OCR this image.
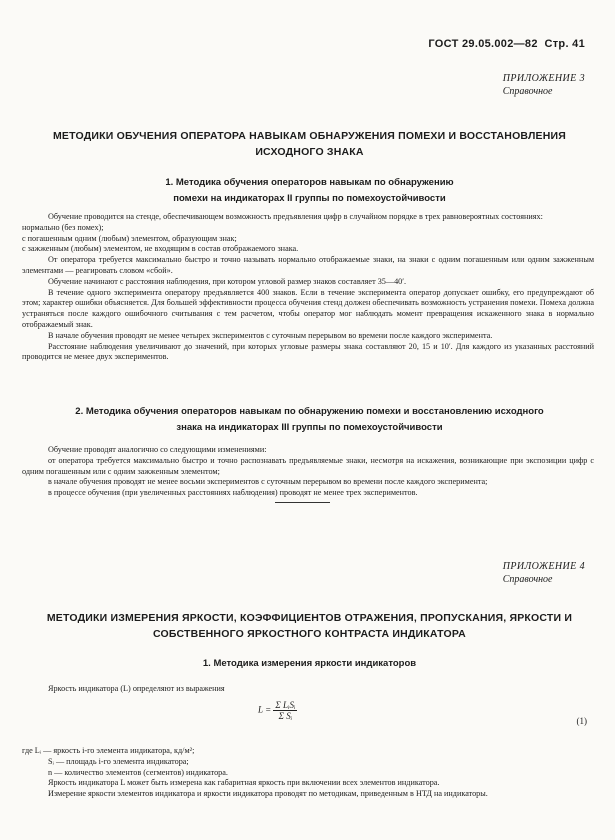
ГОСТ 29.05.002—82 Стр. 41
ПРИЛОЖЕНИЕ 3
Справочное
МЕТОДИКИ ОБУЧЕНИЯ ОПЕРАТОРА НАВЫКАМ ОБНАРУЖЕНИЯ ПОМЕХИ И ВОССТАНОВЛЕНИЯ
ИСХОДНОГО ЗНАКА
1. Методика обучения операторов навыкам по обнаружению
помехи на индикаторах II группы по помехоустойчивости

Обучение проводится на стенде, обеспечивающем возможность предъявления цифр в случайном порядке в трех равновероятных состояниях:

нормально (без помех);

с погашенным одним (любым) элементом, образующим знак;

с зажженным (любым) элементом, не входящим в состав отображаемого знака.

От оператора требуется максимально быстро и точно называть нормально отображаемые знаки, на знаки с одним погашенным или одним зажженным элементами — реагировать словом «сбой».

Обучение начинают с расстояния наблюдения, при котором угловой размер знаков составляет 35—40′.

В течение одного эксперимента оператору предъявляется 400 знаков. Если в течение эксперимента оператор допускает ошибку, его предупреждают об этом; характер ошибки объясняется. Для большей эффективности процесса обучения стенд должен обеспечивать возможность устранения помехи. Помеха должна устраняться после каждого ошибочного считывания с тем расчетом, чтобы оператор мог наблюдать момент превращения искаженного знака в нормально отображаемый знак.

В начале обучения проводят не менее четырех экспериментов с суточным перерывом во времени после каждого эксперимента.

Расстояние наблюдения увеличивают до значений, при которых угловые размеры знака составляют 20, 15 и 10′. Для каждого из указанных расстояний проводится не менее двух экспериментов.

2. Методика обучения операторов навыкам по обнаружению помехи и восстановлению исходного
знака на индикаторах III группы по помехоустойчивости

Обучение проводят аналогично со следующими изменениями:

от оператора требуется максимально быстро и точно распознавать предъявляемые знаки, несмотря на искажения, возникающие при экспозиции цифр с одним погашенным или с одним зажженным элементом;

в начале обучения проводят не менее восьми экспериментов с суточным перерывом во времени после каждого эксперимента;

в процессе обучения (при увеличенных расстояниях наблюдения) проводят не менее трех экспериментов.

ПРИЛОЖЕНИЕ 4
Справочное
МЕТОДИКИ ИЗМЕРЕНИЯ ЯРКОСТИ, КОЭФФИЦИЕНТОВ ОТРАЖЕНИЯ, ПРОПУСКАНИЯ, ЯРКОСТИ И
СОБСТВЕННОГО ЯРКОСТНОГО КОНТРАСТА ИНДИКАТОРА
1. Методика измерения яркости индикаторов

Яркость индикатора (L) определяют из выражения

$L = \frac{\text{Σ LᵢSᵢ}}{\text{Σ Sᵢ}}$	(1)

где Lᵢ — яркость i-го элемента индикатора, кд/м²;

Sᵢ — площадь i-го элемента индикатора;

n — количество элементов (сегментов) индикатора.

Яркость индикатора L может быть измерена как габаритная яркость при включении всех элементов индикатора.

Измерение яркости элементов индикатора и яркости индикатора проводят по методикам, приведенным в НТД на индикаторы.
